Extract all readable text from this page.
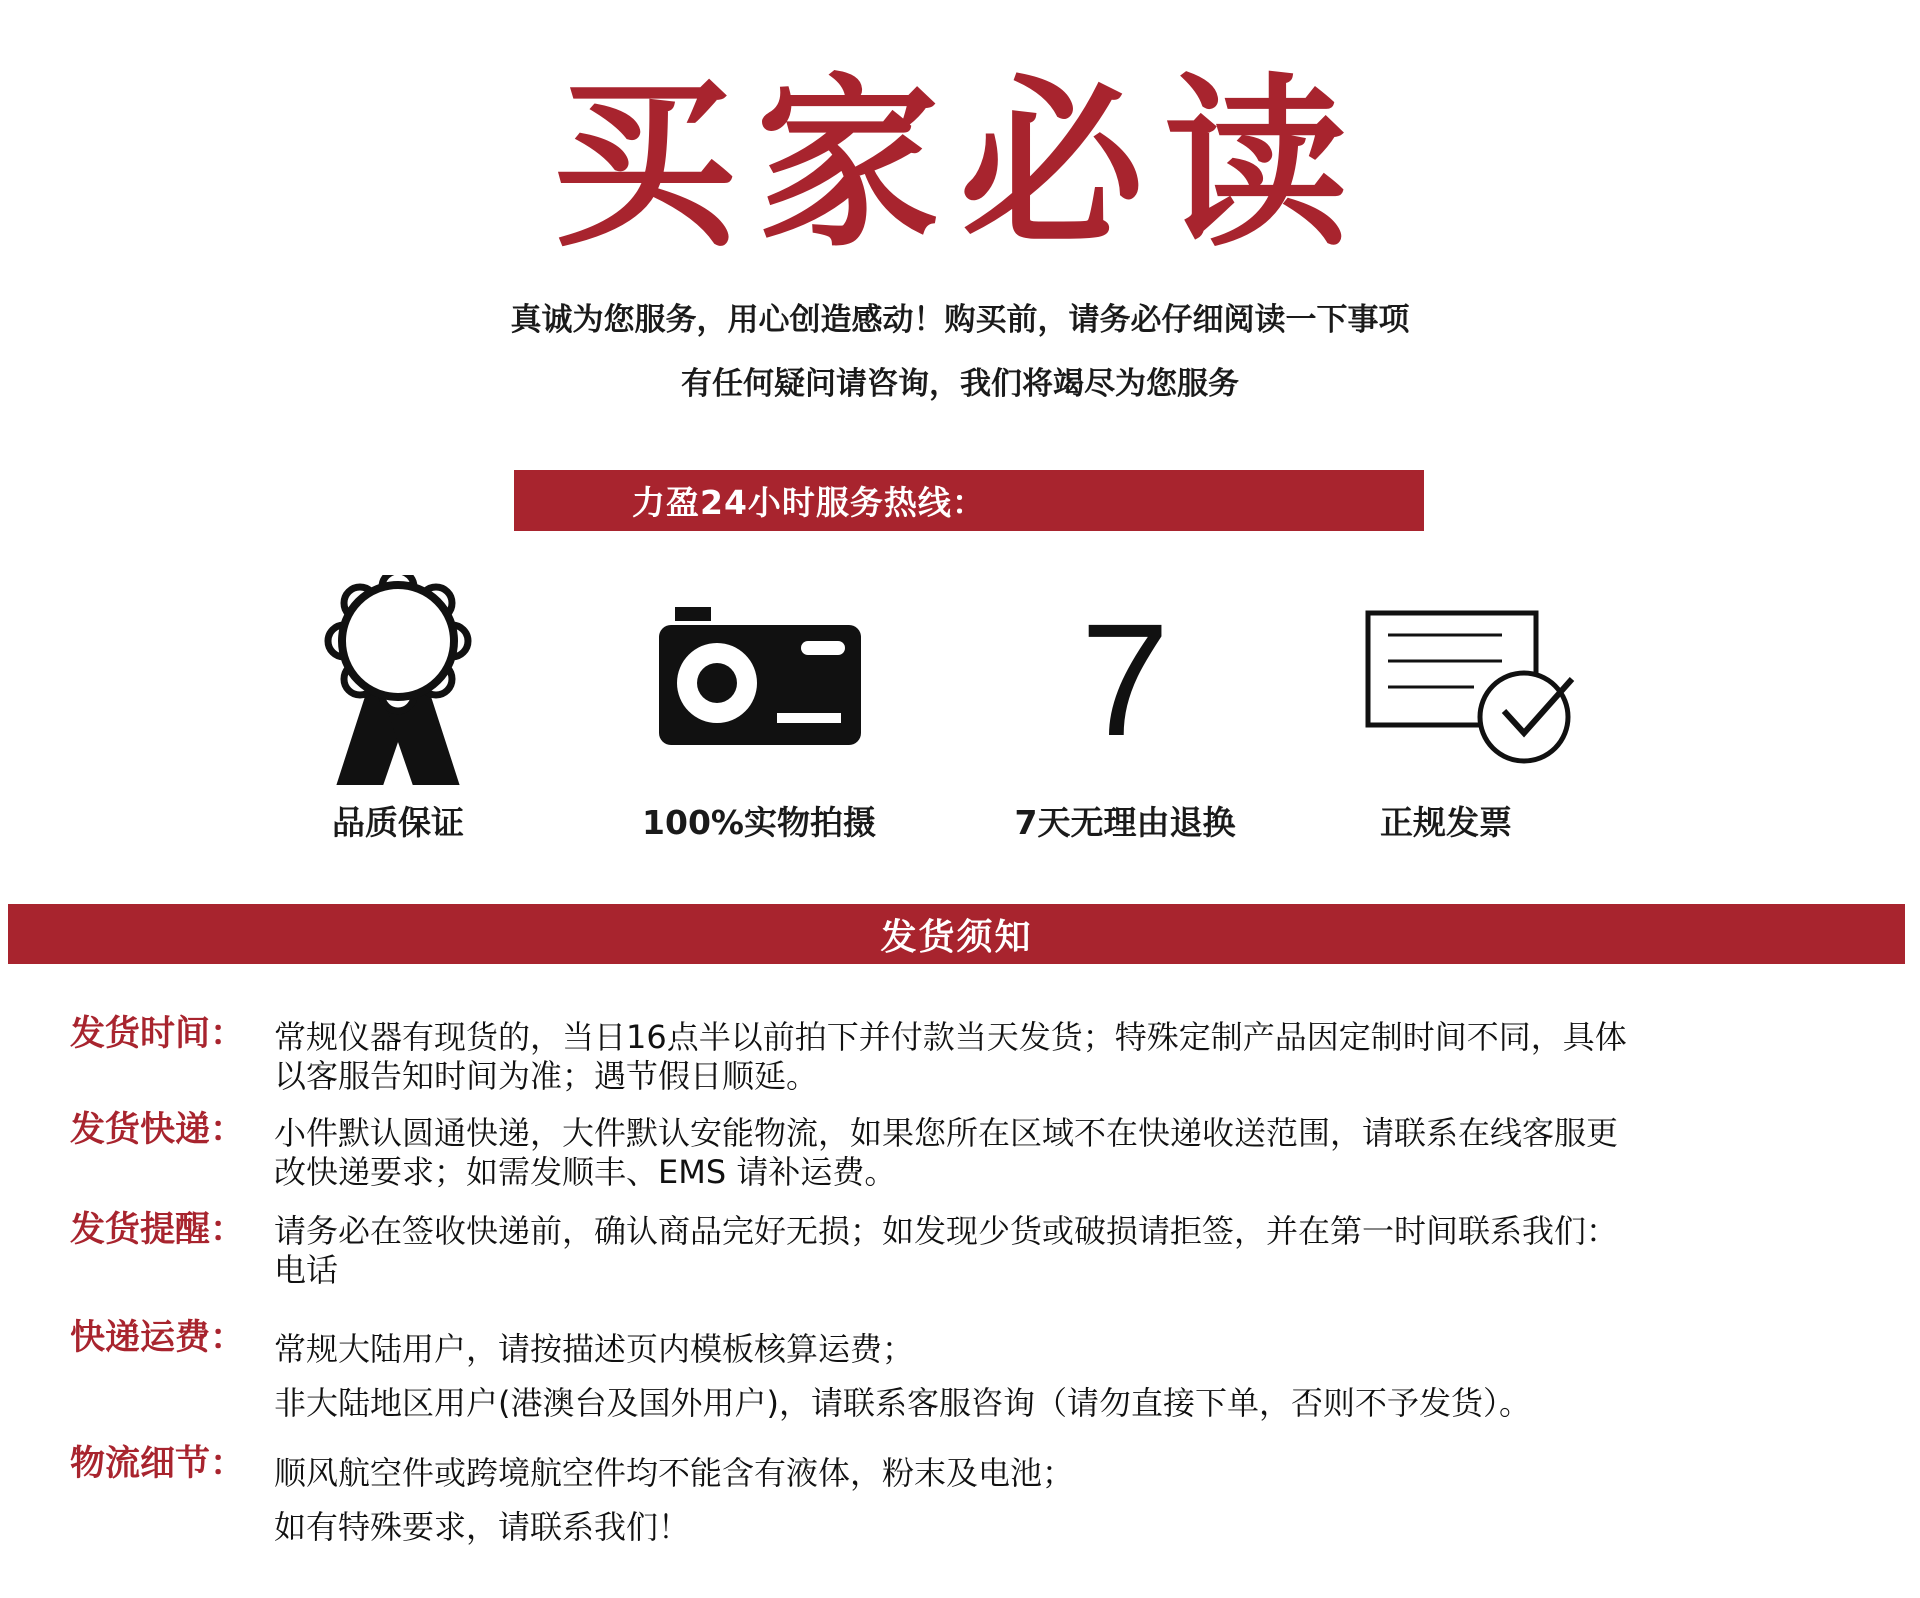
买家必读
真诚为您服务，用心创造感动！购买前，请务必仔细阅读一下事项
有任何疑问请咨询，我们将竭尽为您服务
力盈24小时服务热线：
品质保证	100%实物拍摄
7
7天无理由退换	正规发票
发货须知
发货时间： 常规仪器有现货的，当日16点半以前拍下并付款当天发货；特殊定制产品因定制时间不同，具体
以客服告知时间为准；遇节假日顺延。
发货快递： 小件默认圆通快递，大件默认安能物流，如果您所在区域不在快递收送范围，请联系在线客服更
改快递要求；如需发顺丰、EMS 请补运费。
发货提醒： 请务必在签收快递前，确认商品完好无损；如发现少货或破损请拒签，并在第一时间联系我们：
电话
快递运费： 常规大陆用户，请按描述页内模板核算运费；
非大陆地区用户(港澳台及国外用户)，请联系客服咨询（请勿直接下单，否则不予发货）。
物流细节： 顺风航空件或跨境航空件均不能含有液体，粉末及电池；
如有特殊要求，请联系我们！
